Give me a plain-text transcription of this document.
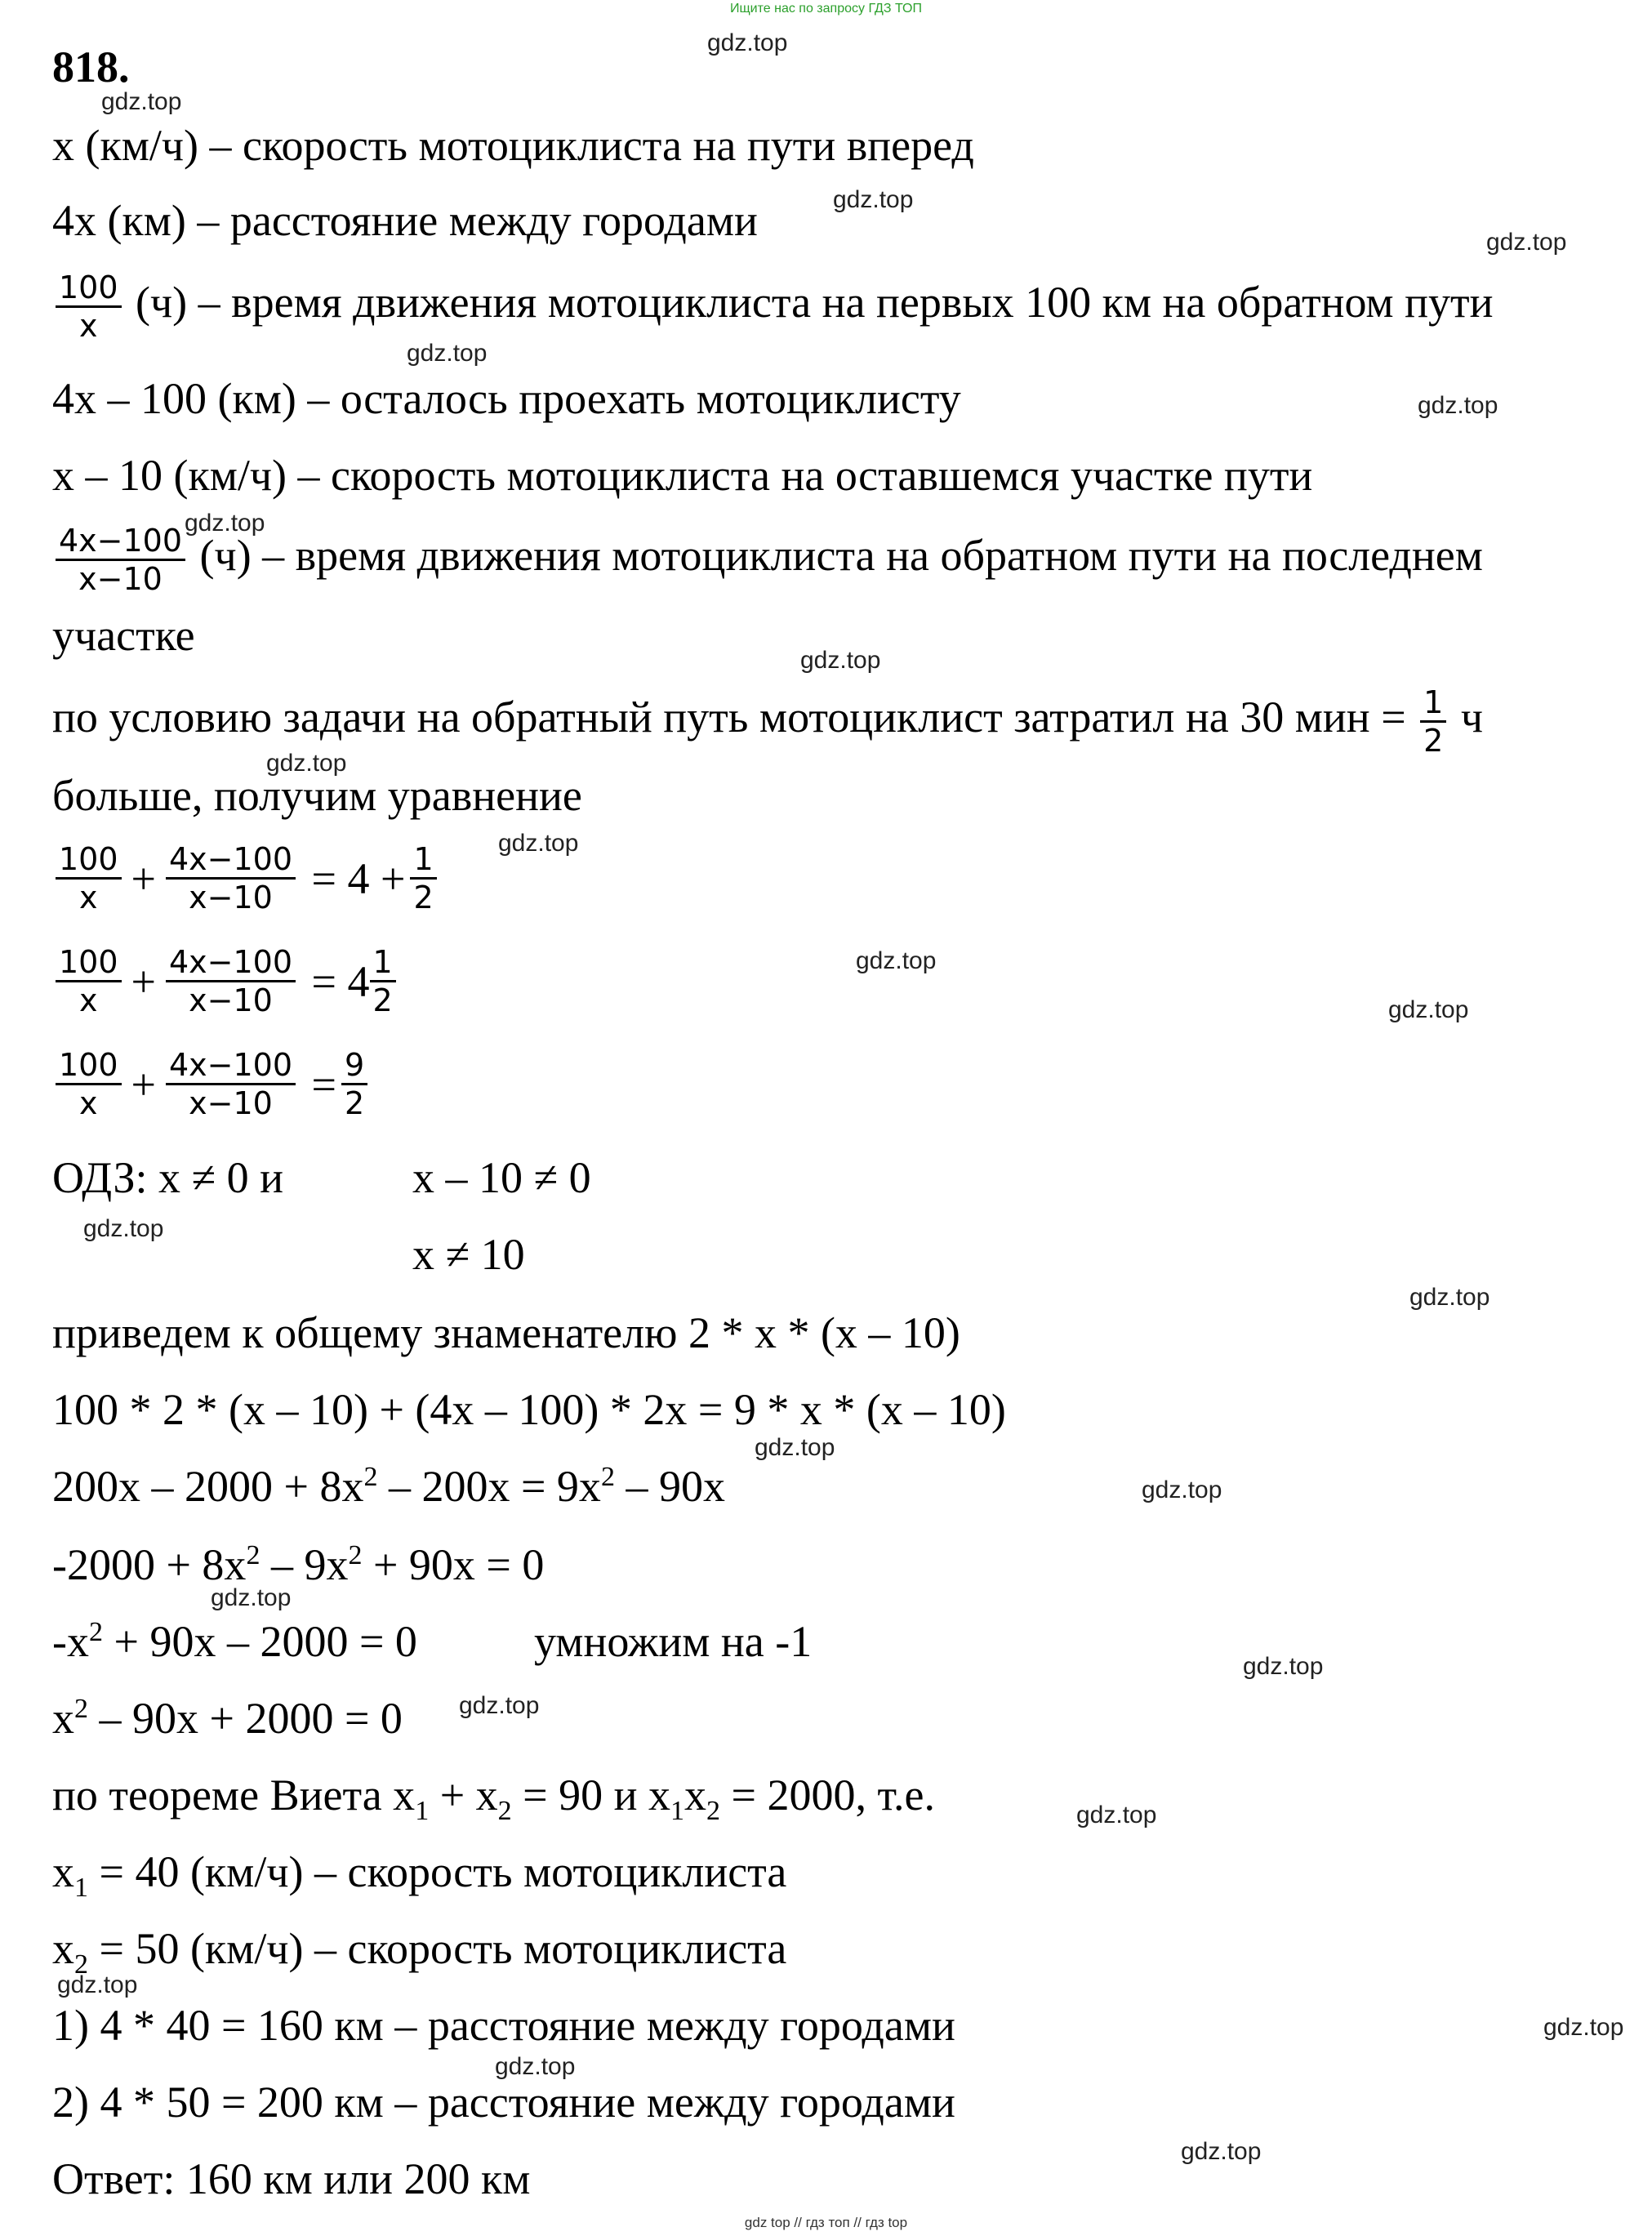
Ищите нас по запросу ГДЗ ТОП
818.
x (км/ч) – скорость мотоциклиста на пути вперед
4x (км) – расстояние между городами
$\frac{100}{x} (ч)$ – время движения мотоциклиста на первых 100 км на обратном пути
4x – 100 (км) – осталось проехать мотоциклисту
x – 10 (км/ч) – скорость мотоциклиста на оставшемся участке пути
$\frac{4x-100}{x-10} (ч)$ – время движения мотоциклиста на обратном пути на последнем
участке
по условию задачи на обратный путь мотоциклист затратил на 30 мин = $\frac{1}{2}$ ч
больше, получим уравнение
$\frac{100}{x} + \frac{4x-100}{x-10} = 4 + \frac{1}{2}$
$\frac{100}{x} + \frac{4x-100}{x-10} = 4 \frac{1}{2}$
$\frac{100}{x} + \frac{4x-100}{x-10} = \frac{9}{2}$
ОДЗ: x ≠ 0 и	x – 10 ≠ 0
x ≠ 10
приведем к общему знаменателю 2 * x * (x – 10)
100 * 2 * (x – 10) + (4x – 100) * 2x = 9 * x * (x – 10)
$200x - 2000 + 8x^2 - 200x = 9x^2 - 90x$
$-2000 + 8x^2 - 9x^2 + 90x = 0$
$-x^2 + 90x - 2000 = 0$	умножим на -1
$x^2 - 90x + 2000 = 0$
по теореме Виета $x_1 + x_2 = 90$ и $x_1x_2 = 2000$, т.е.
$x_1 = 40$ (км/ч) – скорость мотоциклиста
$x_2 = 50$ (км/ч) – скорость мотоциклиста
1) 4 * 40 = 160 км – расстояние между городами
2) 4 * 50 = 200 км – расстояние между городами
Ответ: 160 км или 200 км
gdz.top
gdz.top
gdz.top
gdz.top
gdz.top
gdz.top
gdz.top
gdz.top
gdz.top
gdz.top
gdz.top
gdz.top
gdz.top
gdz.top
gdz.top
gdz.top
gdz.top
gdz.top
gdz.top
gdz.top
gdz.top
gdz.top
gdz.top
gdz.top
gdz top // гдз топ // гдз top
